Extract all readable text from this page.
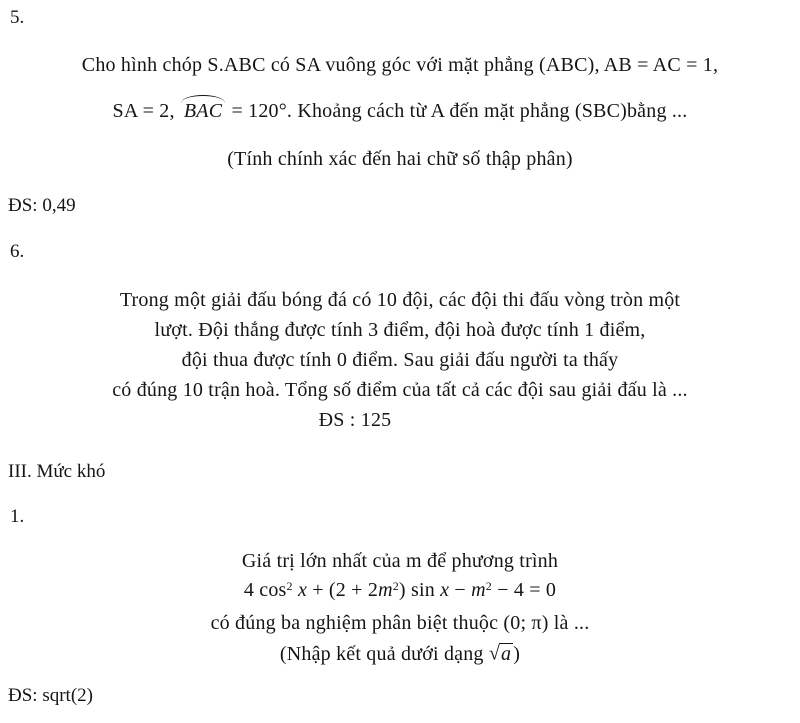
5.
Cho hình chóp S.ABC có SA vuông góc với mặt phẳng (ABC), AB = AC = 1,
SA = 2, BAC = 120°. Khoảng cách từ A đến mặt phẳng (SBC)bằng ...
(Tính chính xác đến hai chữ số thập phân)
ĐS: 0,49
6.
Trong một giải đấu bóng đá có 10 đội, các đội thi đấu vòng tròn một
lượt. Đội thắng được tính 3 điểm, đội hoà được tính 1 điểm,
đội thua được tính 0 điểm. Sau giải đấu người ta thấy
có đúng 10 trận hoà. Tổng số điểm của tất cả các đội sau giải đấu là ...
ĐS : 125
III. Mức khó
1.
Giá trị lớn nhất của m để phương trình
4 $\cos^2 x + (2 + 2m^2)$ $\sin x - m^2 - 4 = 0$
có đúng ba nghiệm phân biệt thuộc (0; π) là ...
(Nhập kết quả dưới dạng √a )
ĐS: sqrt(2)
